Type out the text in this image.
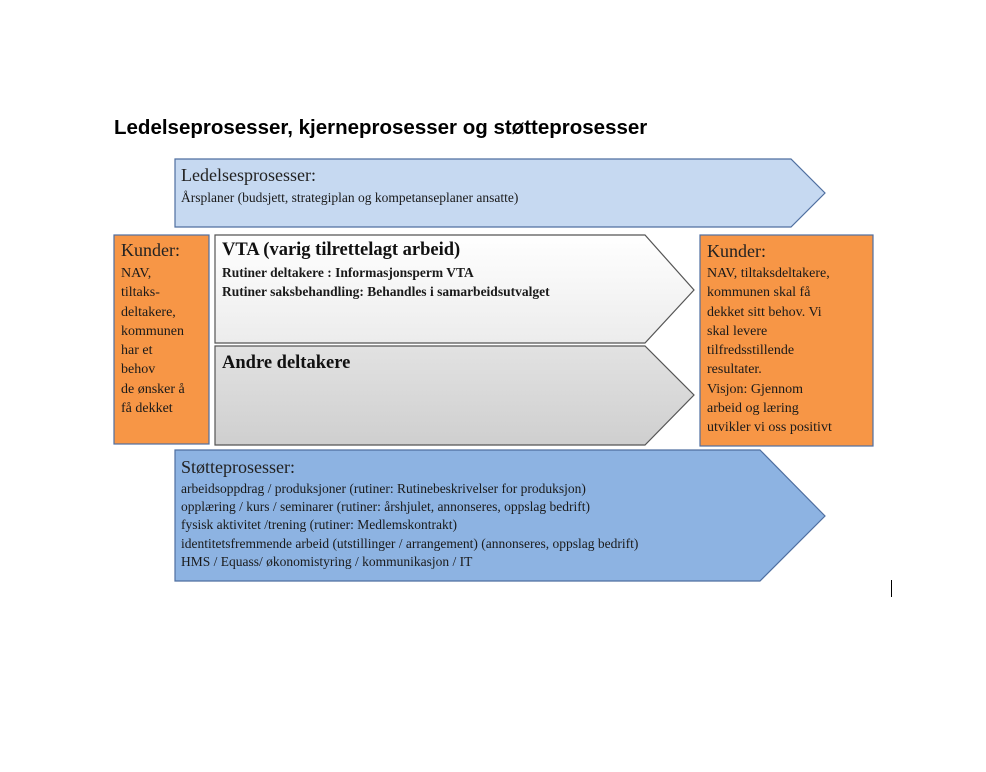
Ledelseprosesser, kjerneprosesser og støtteprosesser
Ledelsesprosesser:
Årsplaner (budsjett, strategiplan og kompetanseplaner ansatte)
Kunder:
NAV,
tiltaks-
deltakere,
kommunen
har et
behov
de ønsker å
få dekket
VTA (varig tilrettelagt arbeid)
Rutiner deltakere : Informasjonsperm VTA
Rutiner saksbehandling: Behandles i samarbeidsutvalget
Andre deltakere
Kunder:
NAV, tiltaksdeltakere,
kommunen skal få
dekket sitt behov. Vi
skal levere
tilfredsstillende
resultater.
Visjon: Gjennom
arbeid og læring
utvikler vi oss positivt
Støtteprosesser:
arbeidsoppdrag / produksjoner (rutiner: Rutinebeskrivelser for produksjon)
opplæring / kurs / seminarer (rutiner: årshjulet, annonseres, oppslag bedrift)
fysisk aktivitet /trening (rutiner: Medlemskontrakt)
identitetsfremmende arbeid (utstillinger / arrangement) (annonseres, oppslag bedrift)
HMS / Equass/ økonomistyring / kommunikasjon / IT
